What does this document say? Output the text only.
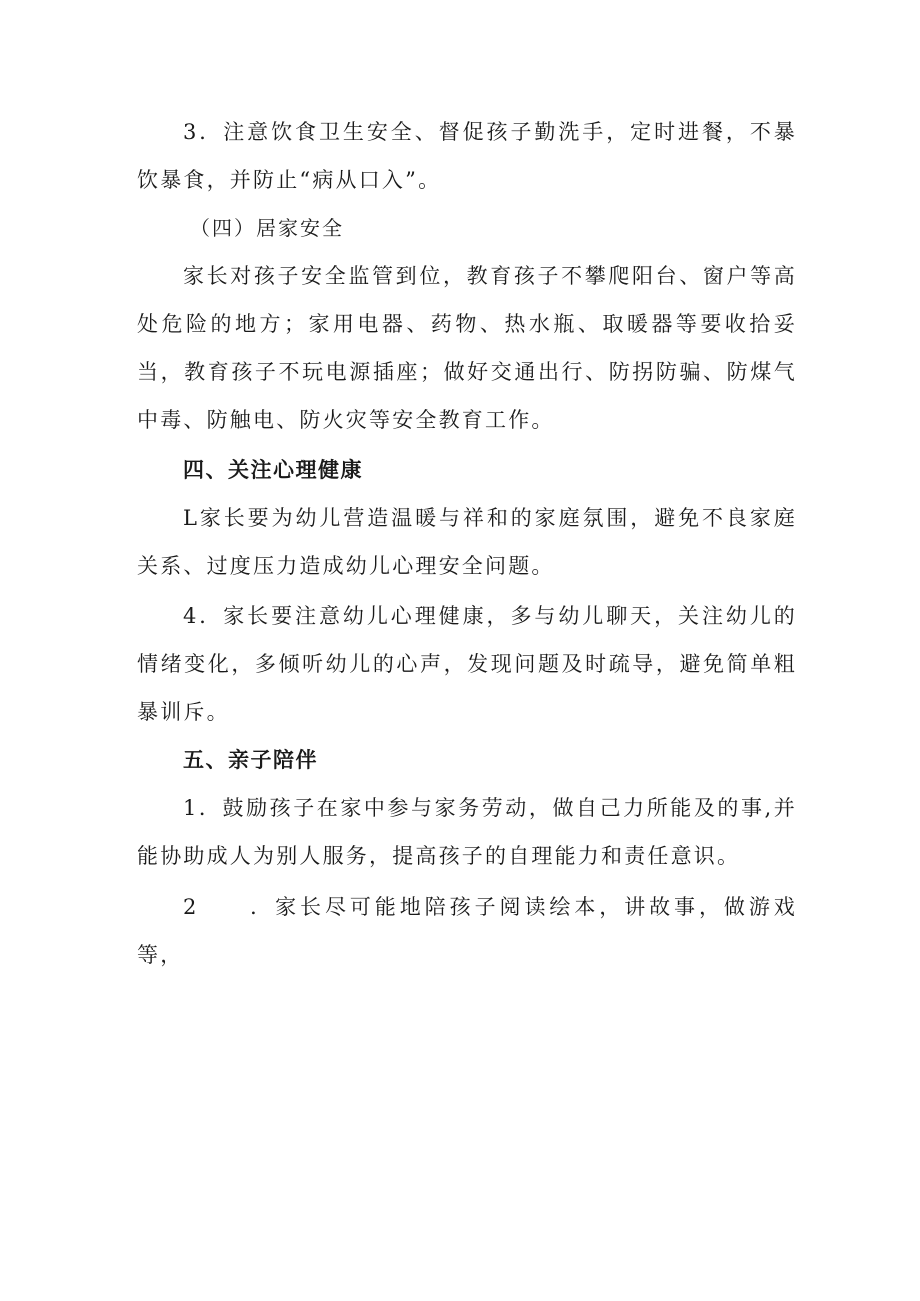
3．注意饮食卫生安全、督促孩子勤洗手，定时进餐，不暴饮暴食，并防止“病从口入”。

（四）居家安全

家长对孩子安全监管到位，教育孩子不攀爬阳台、窗户等高处危险的地方；家用电器、药物、热水瓶、取暖器等要收拾妥当，教育孩子不玩电源插座；做好交通出行、防拐防骗、防煤气中毒、防触电、防火灾等安全教育工作。

四、关注心理健康

L家长要为幼儿营造温暖与祥和的家庭氛围，避免不良家庭关系、过度压力造成幼儿心理安全问题。

4．家长要注意幼儿心理健康，多与幼儿聊天，关注幼儿的情绪变化，多倾听幼儿的心声，发现问题及时疏导，避免简单粗暴训斥。

五、亲子陪伴

1．鼓励孩子在家中参与家务劳动，做自己力所能及的事,并能协助成人为别人服务，提高孩子的自理能力和责任意识。

2　　．家长尽可能地陪孩子阅读绘本，讲故事，做游戏等，
